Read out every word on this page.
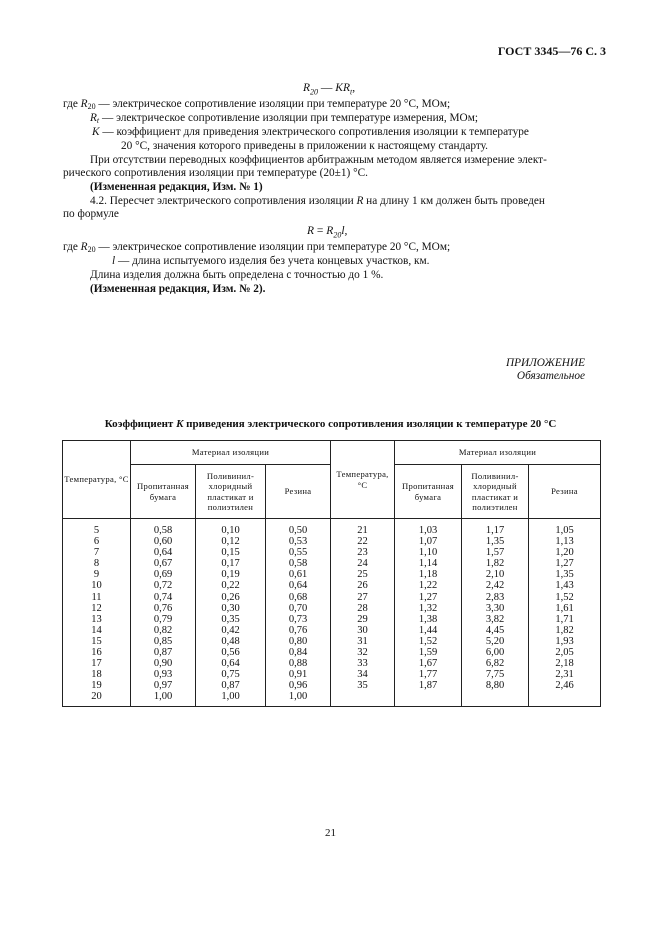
ГОСТ 3345—76 С. 3
$R_{20}$ — $KR_t$,
где $R_{20}$ — электрическое сопротивление изоляции при температуре 20 °С, МОм;
$R_t$ — электрическое сопротивление изоляции при температуре измерения, МОм;
K — коэффициент для приведения электрического сопротивления изоляции к температуре
20 °С, значения которого приведены в приложении к настоящему стандарту.
При отсутствии переводных коэффициентов арбитражным методом является измерение элект-
рического сопротивления изоляции при температуре (20±1) °С.
(Измененная редакция, Изм. № 1)
4.2. Пересчет электрического сопротивления изоляции R на длину 1 км должен быть проведен
по формуле
$R = R_{20}l$,
где $R_{20}$ — электрическое сопротивление изоляции при температуре 20 °С, МОм;
l — длина испытуемого изделия без учета концевых участков, км.
Длина изделия должна быть определена с точностью до 1 %.
(Измененная редакция, Изм. № 2).
ПРИЛОЖЕНИЕ
Обязательное
Коэффициент K приведения электрического сопротивления изоляции к температуре 20 °С
Температура, °С	Материал изоляции			Температура, °С	Материал изоляции		
	Пропитанная бумага	Поливинил-хлоридный пластикат и полиэтилен	Резина		Пропитанная бумага	Поливинил-хлоридный пластикат и полиэтилен	Резина
5	0,58	0,10	0,50	21	1,03	1,17	1,05
6	0,60	0,12	0,53	22	1,07	1,35	1,13
7	0,64	0,15	0,55	23	1,10	1,57	1,20
8	0,67	0,17	0,58	24	1,14	1,82	1,27
9	0,69	0,19	0,61	25	1,18	2,10	1,35
10	0,72	0,22	0,64	26	1,22	2,42	1,43
11	0,74	0,26	0,68	27	1,27	2,83	1,52
12	0,76	0,30	0,70	28	1,32	3,30	1,61
13	0,79	0,35	0,73	29	1,38	3,82	1,71
14	0,82	0,42	0,76	30	1,44	4,45	1,82
15	0,85	0,48	0,80	31	1,52	5,20	1,93
16	0,87	0,56	0,84	32	1,59	6,00	2,05
17	0,90	0,64	0,88	33	1,67	6,82	2,18
18	0,93	0,75	0,91	34	1,77	7,75	2,31
19	0,97	0,87	0,96	35	1,87	8,80	2,46
20	1,00	1,00	1,00				
21
